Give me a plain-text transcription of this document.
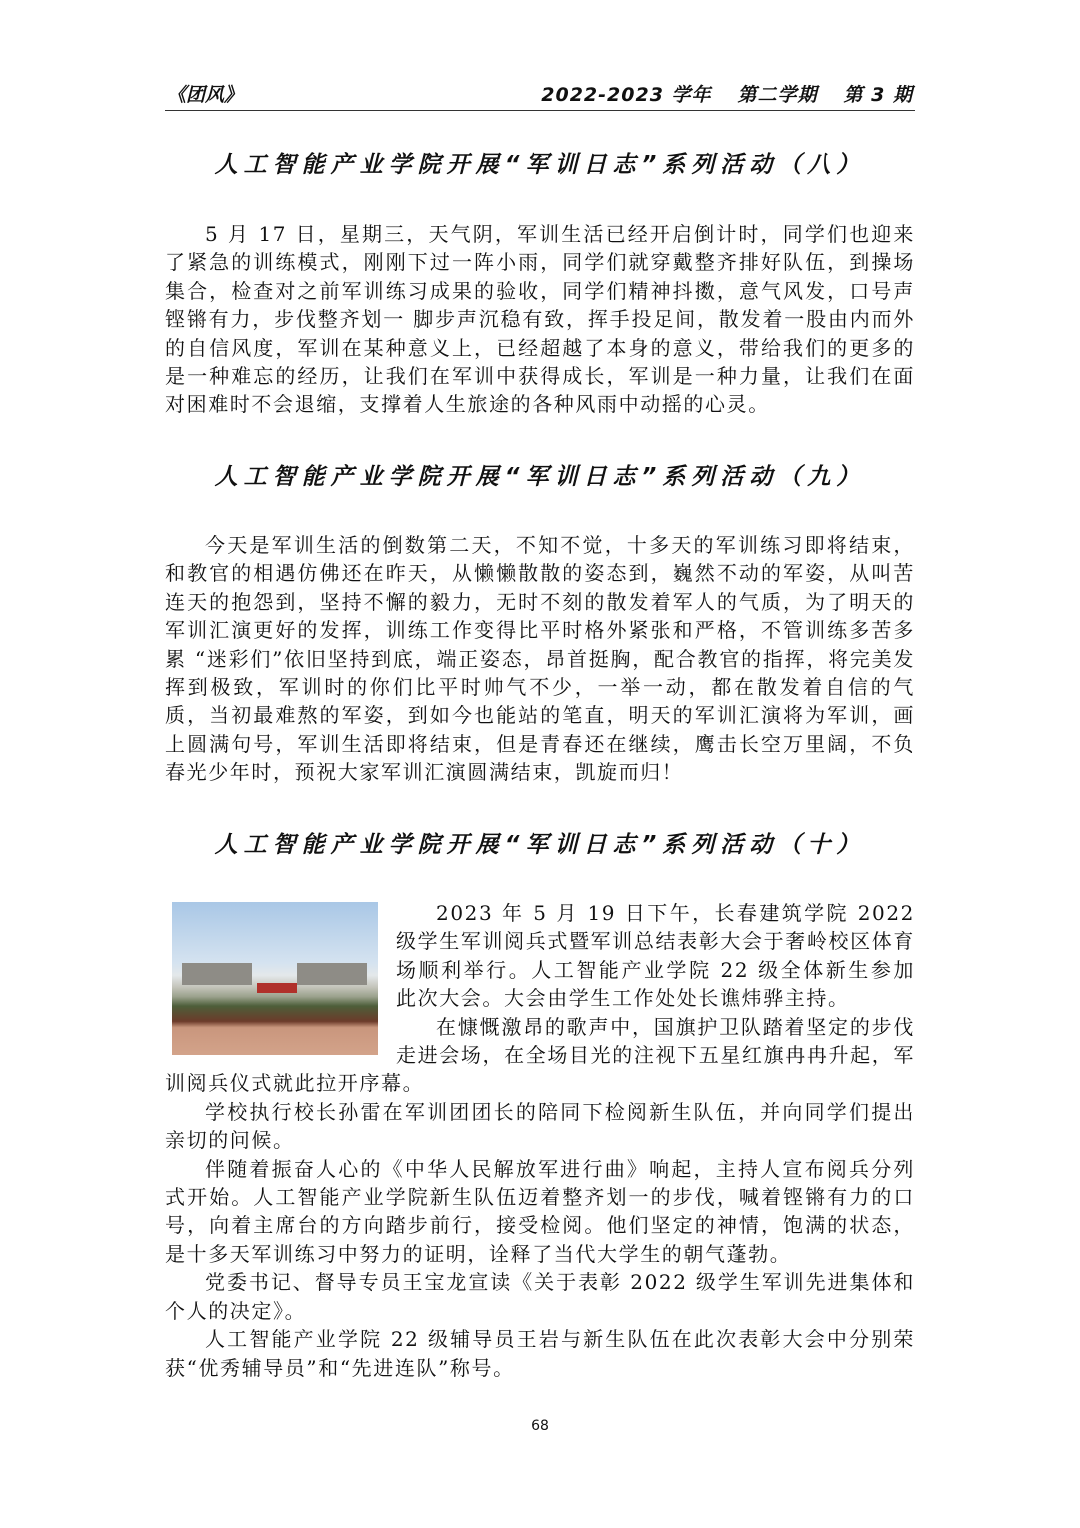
《团风》	2022-2023 学年 第二学期 第 3 期
人工智能产业学院开展“军训日志”系列活动（八）

5 月 17 日，星期三，天气阴，军训生活已经开启倒计时，同学们也迎来了紧急的训练模式，刚刚下过一阵小雨，同学们就穿戴整齐排好队伍，到操场集合，检查对之前军训练习成果的验收，同学们精神抖擞，意气风发，口号声铿锵有力，步伐整齐划一 脚步声沉稳有致，挥手投足间，散发着一股由内而外的自信风度，军训在某种意义上，已经超越了本身的意义，带给我们的更多的是一种难忘的经历，让我们在军训中获得成长，军训是一种力量，让我们在面对困难时不会退缩，支撑着人生旅途的各种风雨中动摇的心灵。

人工智能产业学院开展“军训日志”系列活动（九）

今天是军训生活的倒数第二天，不知不觉，十多天的军训练习即将结束，和教官的相遇仿佛还在昨天，从懒懒散散的姿态到，巍然不动的军姿，从叫苦连天的抱怨到，坚持不懈的毅力，无时不刻的散发着军人的气质，为了明天的军训汇演更好的发挥，训练工作变得比平时格外紧张和严格，不管训练多苦多累 “迷彩们”依旧坚持到底，端正姿态，昂首挺胸，配合教官的指挥，将完美发挥到极致，军训时的你们比平时帅气不少，一举一动，都在散发着自信的气质，当初最难熬的军姿，到如今也能站的笔直，明天的军训汇演将为军训，画上圆满句号，军训生活即将结束，但是青春还在继续，鹰击长空万里阔，不负春光少年时，预祝大家军训汇演圆满结束，凯旋而归！

人工智能产业学院开展“军训日志”系列活动（十）

2023 年 5 月 19 日下午，长春建筑学院 2022 级学生军训阅兵式暨军训总结表彰大会于奢岭校区体育场顺利举行。人工智能产业学院 22 级全体新生参加此次大会。大会由学生工作处处长谯炜骅主持。

在慷慨激昂的歌声中，国旗护卫队踏着坚定的步伐走进会场，在全场目光的注视下五星红旗冉冉升起，军训阅兵仪式就此拉开序幕。

学校执行校长孙雷在军训团团长的陪同下检阅新生队伍，并向同学们提出亲切的问候。

伴随着振奋人心的《中华人民解放军进行曲》响起，主持人宣布阅兵分列式开始。人工智能产业学院新生队伍迈着整齐划一的步伐，喊着铿锵有力的口号，向着主席台的方向踏步前行，接受检阅。他们坚定的神情，饱满的状态，是十多天军训练习中努力的证明，诠释了当代大学生的朝气蓬勃。

党委书记、督导专员王宝龙宣读《关于表彰 2022 级学生军训先进集体和个人的决定》。

人工智能产业学院 22 级辅导员王岩与新生队伍在此次表彰大会中分别荣获“优秀辅导员”和“先进连队”称号。

68
